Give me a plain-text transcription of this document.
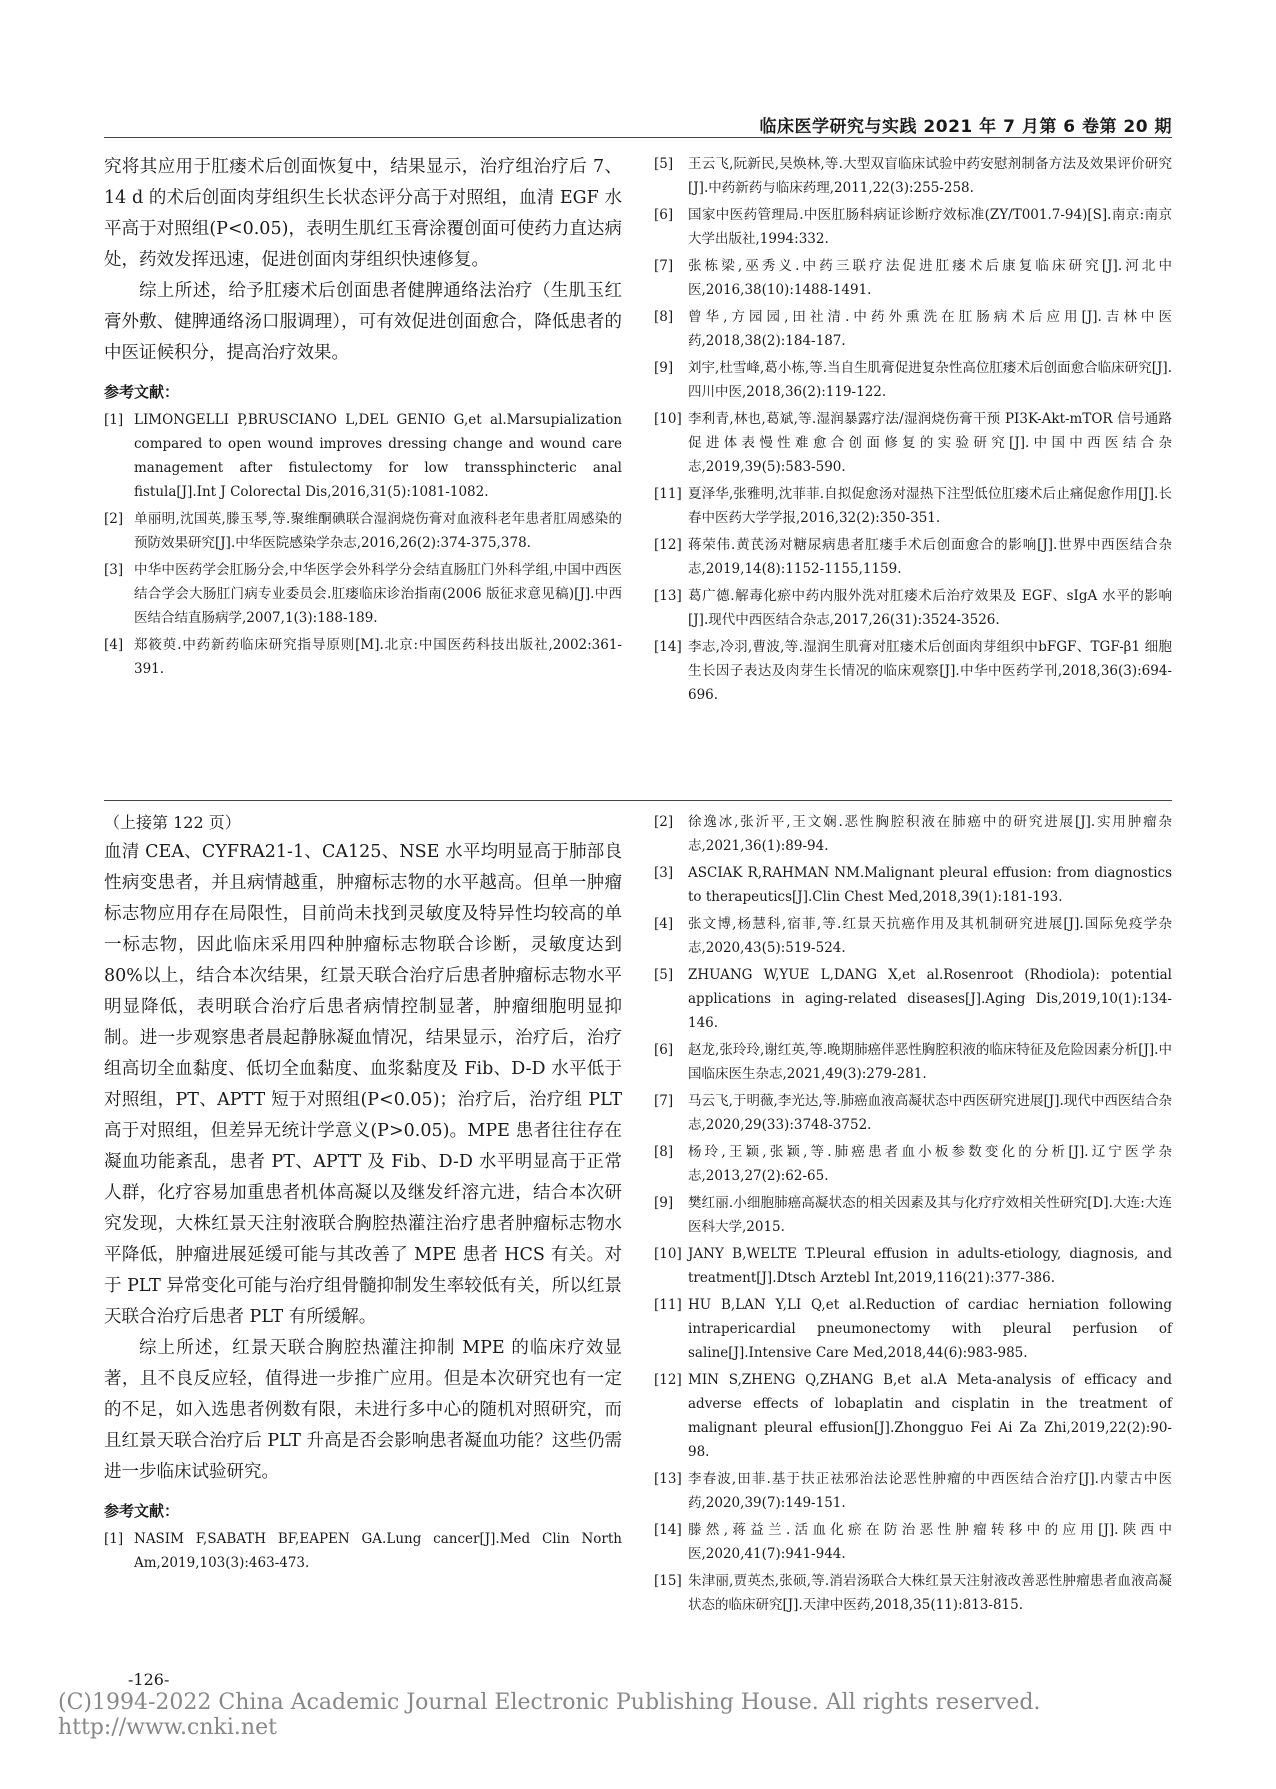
临床医学研究与实践 2021 年 7 月第 6 卷第 20 期

究将其应用于肛瘘术后创面恢复中，结果显示，治疗组治疗后 7、14 d 的术后创面肉芽组织生长状态评分高于对照组，血清 EGF 水平高于对照组(P<0.05)，表明生肌红玉膏涂覆创面可使药力直达病处，药效发挥迅速，促进创面肉芽组织快速修复。

综上所述，给予肛瘘术后创面患者健脾通络法治疗（生肌玉红膏外敷、健脾通络汤口服调理），可有效促进创面愈合，降低患者的中医证候积分，提高治疗效果。

参考文献：
[1] LIMONGELLI P,BRUSCIANO L,DEL GENIO G,et al.Marsupialization compared to open wound improves dressing change and wound care management after fistulectomy for low transsphincteric anal fistula[J].Int J Colorectal Dis,2016,31(5):1081-1082.
[2] 单丽明,沈国英,滕玉琴,等.聚维酮碘联合湿润烧伤膏对血液科老年患者肛周感染的预防效果研究[J].中华医院感染学杂志,2016,26(2):374-375,378.
[3] 中华中医药学会肛肠分会,中华医学会外科学分会结直肠肛门外科学组,中国中西医结合学会大肠肛门病专业委员会.肛瘘临床诊治指南(2006 版征求意见稿)[J].中西医结合结直肠病学,2007,1(3):188-189.
[4] 郑筱萸.中药新药临床研究指导原则[M].北京:中国医药科技出版社,2002:361-391.
[5] 王云飞,阮新民,吴焕林,等.大型双盲临床试验中药安慰剂制备方法及效果评价研究[J].中药新药与临床药理,2011,22(3):255-258.
[6] 国家中医药管理局.中医肛肠科病证诊断疗效标准(ZY/T001.7-94)[S].南京:南京大学出版社,1994:332.
[7] 张栋梁,巫秀义.中药三联疗法促进肛瘘术后康复临床研究[J].河北中医,2016,38(10):1488-1491.
[8] 曾华,方园园,田社清.中药外熏洗在肛肠病术后应用[J].吉林中医药,2018,38(2):184-187.
[9] 刘宇,杜雪峰,葛小栋,等.当自生肌膏促进复杂性高位肛瘘术后创面愈合临床研究[J].四川中医,2018,36(2):119-122.
[10] 李利青,林也,葛斌,等.湿润暴露疗法/湿润烧伤膏干预 PI3K-Akt-mTOR 信号通路促进体表慢性难愈合创面修复的实验研究[J].中国中西医结合杂志,2019,39(5):583-590.
[11] 夏泽华,张雅明,沈菲菲.自拟促愈汤对湿热下注型低位肛瘘术后止痛促愈作用[J].长春中医药大学学报,2016,32(2):350-351.
[12] 蒋荣伟.黄芪汤对糖尿病患者肛瘘手术后创面愈合的影响[J].世界中西医结合杂志,2019,14(8):1152-1155,1159.
[13] 葛广德.解毒化瘀中药内服外洗对肛瘘术后治疗效果及 EGF、sIgA 水平的影响[J].现代中西医结合杂志,2017,26(31):3524-3526.
[14] 李志,冷羽,曹波,等.湿润生肌膏对肛瘘术后创面肉芽组织中bFGF、TGF-β1 细胞生长因子表达及肉芽生长情况的临床观察[J].中华中医药学刊,2018,36(3):694-696.
（上接第 122 页）

血清 CEA、CYFRA21-1、CA125、NSE 水平均明显高于肺部良性病变患者，并且病情越重，肿瘤标志物的水平越高。但单一肿瘤标志物应用存在局限性，目前尚未找到灵敏度及特异性均较高的单一标志物，因此临床采用四种肿瘤标志物联合诊断，灵敏度达到 80%以上，结合本次结果，红景天联合治疗后患者肿瘤标志物水平明显降低，表明联合治疗后患者病情控制显著，肿瘤细胞明显抑制。进一步观察患者晨起静脉凝血情况，结果显示，治疗后，治疗组高切全血黏度、低切全血黏度、血浆黏度及 Fib、D-D 水平低于对照组，PT、APTT 短于对照组(P<0.05)；治疗后，治疗组 PLT 高于对照组，但差异无统计学意义(P>0.05)。MPE 患者往往存在凝血功能紊乱，患者 PT、APTT 及 Fib、D-D 水平明显高于正常人群，化疗容易加重患者机体高凝以及继发纤溶亢进，结合本次研究发现，大株红景天注射液联合胸腔热灌注治疗患者肿瘤标志物水平降低，肿瘤进展延缓可能与其改善了 MPE 患者 HCS 有关。对于 PLT 异常变化可能与治疗组骨髓抑制发生率较低有关，所以红景天联合治疗后患者 PLT 有所缓解。

综上所述，红景天联合胸腔热灌注抑制 MPE 的临床疗效显著，且不良反应轻，值得进一步推广应用。但是本次研究也有一定的不足，如入选患者例数有限，未进行多中心的随机对照研究，而且红景天联合治疗后 PLT 升高是否会影响患者凝血功能？这些仍需进一步临床试验研究。

参考文献：
[1] NASIM F,SABATH BF,EAPEN GA.Lung cancer[J].Med Clin North Am,2019,103(3):463-473.
[2] 徐逸冰,张沂平,王文娴.恶性胸腔积液在肺癌中的研究进展[J].实用肿瘤杂志,2021,36(1):89-94.
[3] ASCIAK R,RAHMAN NM.Malignant pleural effusion: from diagnostics to therapeutics[J].Clin Chest Med,2018,39(1):181-193.
[4] 张文博,杨慧科,宿菲,等.红景天抗癌作用及其机制研究进展[J].国际免疫学杂志,2020,43(5):519-524.
[5] ZHUANG W,YUE L,DANG X,et al.Rosenroot (Rhodiola): potential applications in aging-related diseases[J].Aging Dis,2019,10(1):134-146.
[6] 赵龙,张玲玲,谢红英,等.晚期肺癌伴恶性胸腔积液的临床特征及危险因素分析[J].中国临床医生杂志,2021,49(3):279-281.
[7] 马云飞,于明薇,李光达,等.肺癌血液高凝状态中西医研究进展[J].现代中西医结合杂志,2020,29(33):3748-3752.
[8] 杨玲,王颖,张颖,等.肺癌患者血小板参数变化的分析[J].辽宁医学杂志,2013,27(2):62-65.
[9] 樊红丽.小细胞肺癌高凝状态的相关因素及其与化疗疗效相关性研究[D].大连:大连医科大学,2015.
[10] JANY B,WELTE T.Pleural effusion in adults-etiology, diagnosis, and treatment[J].Dtsch Arztebl Int,2019,116(21):377-386.
[11] HU B,LAN Y,LI Q,et al.Reduction of cardiac herniation following intrapericardial pneumonectomy with pleural perfusion of saline[J].Intensive Care Med,2018,44(6):983-985.
[12] MIN S,ZHENG Q,ZHANG B,et al.A Meta-analysis of efficacy and adverse effects of lobaplatin and cisplatin in the treatment of malignant pleural effusion[J].Zhongguo Fei Ai Za Zhi,2019,22(2):90-98.
[13] 李春波,田菲.基于扶正祛邪治法论恶性肿瘤的中西医结合治疗[J].内蒙古中医药,2020,39(7):149-151.
[14] 滕然,蒋益兰.活血化瘀在防治恶性肿瘤转移中的应用[J].陕西中医,2020,41(7):941-944.
[15] 朱津丽,贾英杰,张硕,等.消岩汤联合大株红景天注射液改善恶性肿瘤患者血液高凝状态的临床研究[J].天津中医药,2018,35(11):813-815.
-126-
(C)1994-2022 China Academic Journal Electronic Publishing House. All rights reserved. http://www.cnki.net
